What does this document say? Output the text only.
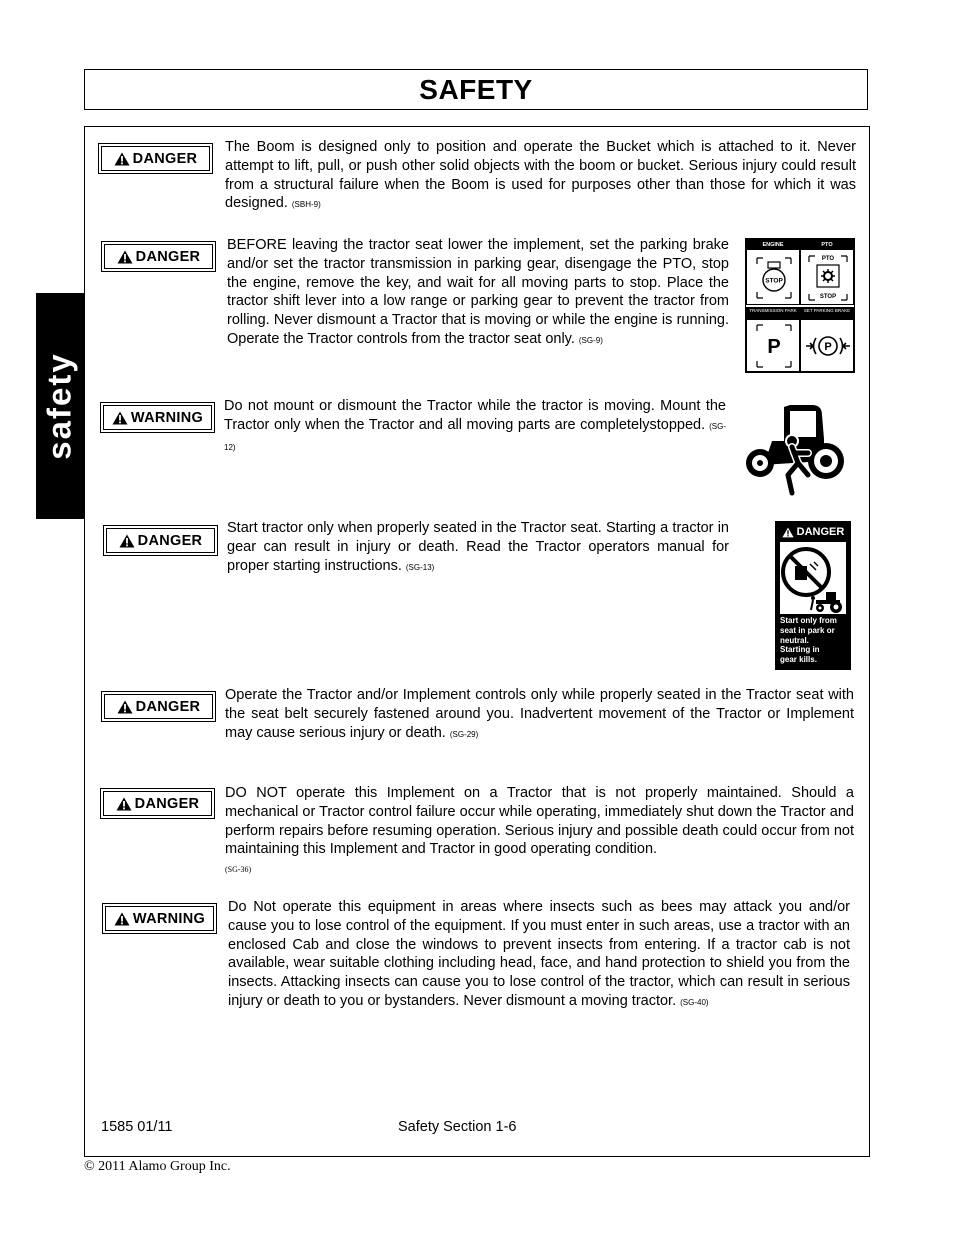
SAFETY
safety
DANGER
The Boom is designed only to position and operate the Bucket which is attached to it. Never attempt to lift, pull, or push other solid objects with the boom or bucket. Serious injury could result from a structural failure when the Boom is used for purposes other than those for which it was designed. (SBH-9)
DANGER
BEFORE leaving the tractor seat lower the implement, set the parking brake and/or set the tractor transmission in parking gear, disengage the PTO, stop the engine, remove the key, and wait for all moving parts to stop. Place the tractor shift lever into a low range or parking gear to prevent the tractor from rolling. Never dismount a Tractor that is moving or while the engine is running. Operate the Tractor controls from the tractor seat only. (SG-9)
ENGINE
STOP
PTO
PTO
STOP
TRANSMISSION PARK
P
SET PARKING BRAKE
P
WARNING
Do not mount or dismount the Tractor while the tractor is moving. Mount the Tractor only when the Tractor and all moving parts are completelystopped. (SG-12)
DANGER
Start tractor only when properly seated in the Tractor seat. Starting a tractor in gear can result in injury or death. Read the Tractor operators manual for proper starting instructions. (SG-13)
DANGER
Start only from
seat in park or
neutral.
Starting in
gear kills.
DANGER
Operate the Tractor and/or Implement controls only while properly seated in the Tractor seat with the seat belt securely fastened around you. Inadvertent movement of the Tractor or Implement may cause serious injury or death. (SG-29)
DANGER
DO NOT operate this Implement on a Tractor that is not properly maintained. Should a mechanical or Tractor control failure occur while operating, immediately shut down the Tractor and perform repairs before resuming operation. Serious injury and possible death could occur from not maintaining this Implement and Tractor in good operating condition.
(SG-36)
WARNING
Do Not operate this equipment in areas where insects such as bees may attack you and/or cause you to lose control of the equipment. If you must enter in such areas, use a tractor with an enclosed Cab and close the windows to prevent insects from entering. If a tractor cab is not available, wear suitable clothing including head, face, and hand protection to shield you from the insects. Attacking insects can cause you to lose control of the tractor, which can result in serious injury or death to you or bystanders. Never dismount a moving tractor. (SG-40)
1585 01/11	Safety Section 1-6
© 2011 Alamo Group Inc.
